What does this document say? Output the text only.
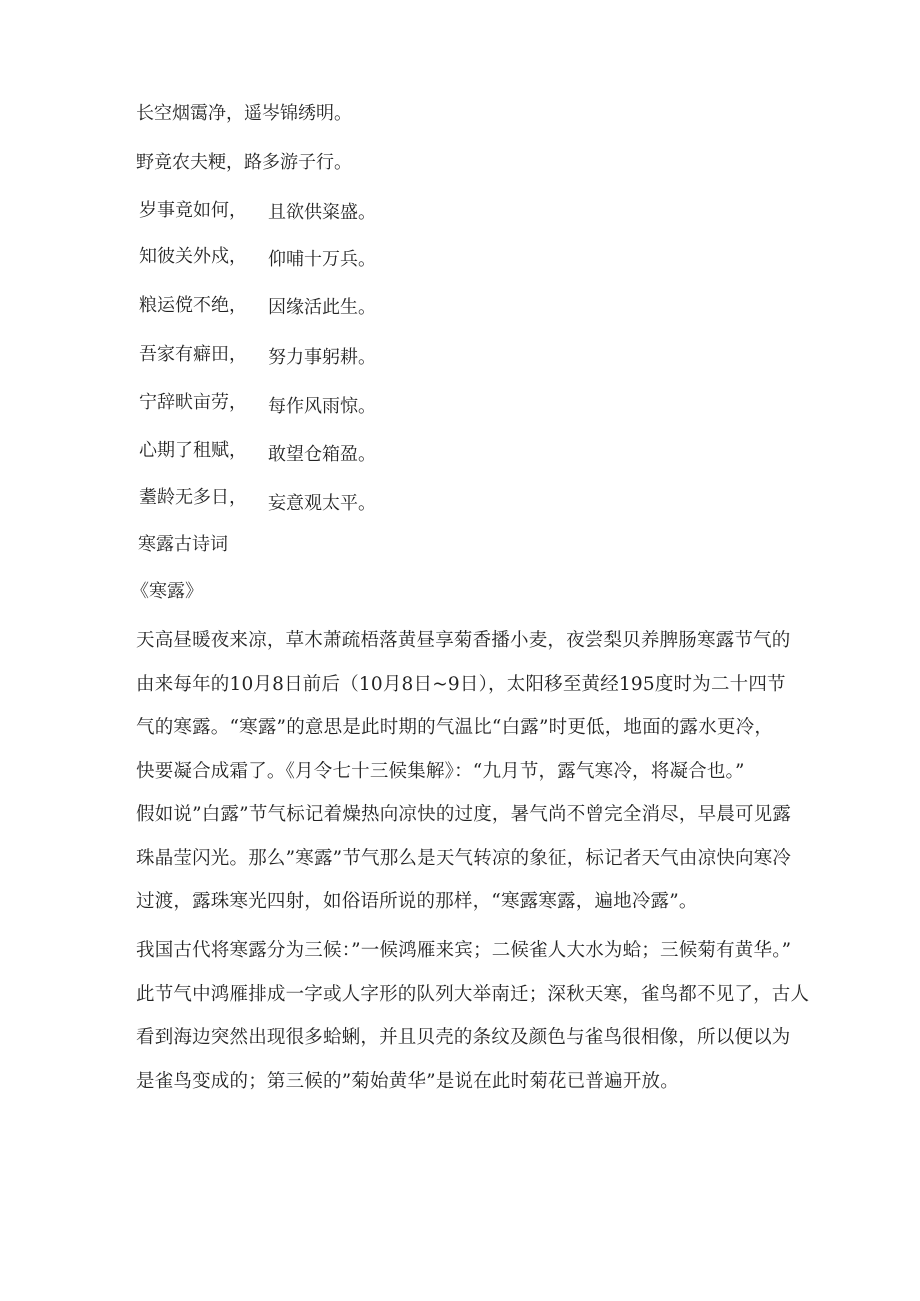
长空烟霭净，遥岑锦绣明。
野竟农夫粳，路多游子行。
岁事竟如何， 且欲供粢盛。
知彼关外戍， 仰哺十万兵。
粮运傥不绝， 因缘活此生。
吾家有癖田， 努力事躬耕。
宁辞畎亩劳， 每作风雨惊。
心期了租赋， 敢望仓箱盈。
耋龄无多日， 妄意观太平。
寒露古诗词
《寒露》
天高昼暖夜来凉，草木萧疏梧落黄昼享菊香播小麦，夜尝梨贝养脾肠寒露节气的
由来每年的10月8日前后（10月8日~9日），太阳移至黄经195度时为二十四节
气的寒露。“寒露”的意思是此时期的气温比“白露”时更低，地面的露水更冷，
快要凝合成霜了。《月令七十三候集解》：“九月节，露气寒冷，将凝合也。”
假如说”白露”节气标记着燥热向凉快的过度，暑气尚不曾完全消尽，早晨可见露
珠晶莹闪光。那么”寒露”节气那么是天气转凉的象征，标记者天气由凉快向寒冷
过渡，露珠寒光四射，如俗语所说的那样，“寒露寒露，遍地冷露”。
我国古代将寒露分为三候：”一候鸿雁来宾；二候雀人大水为蛤；三候菊有黄华。”
此节气中鸿雁排成一字或人字形的队列大举南迁；深秋天寒，雀鸟都不见了，古人
看到海边突然出现很多蛤蜊，并且贝壳的条纹及颜色与雀鸟很相像，所以便以为
是雀鸟变成的；第三候的”菊始黄华”是说在此时菊花已普遍开放。
